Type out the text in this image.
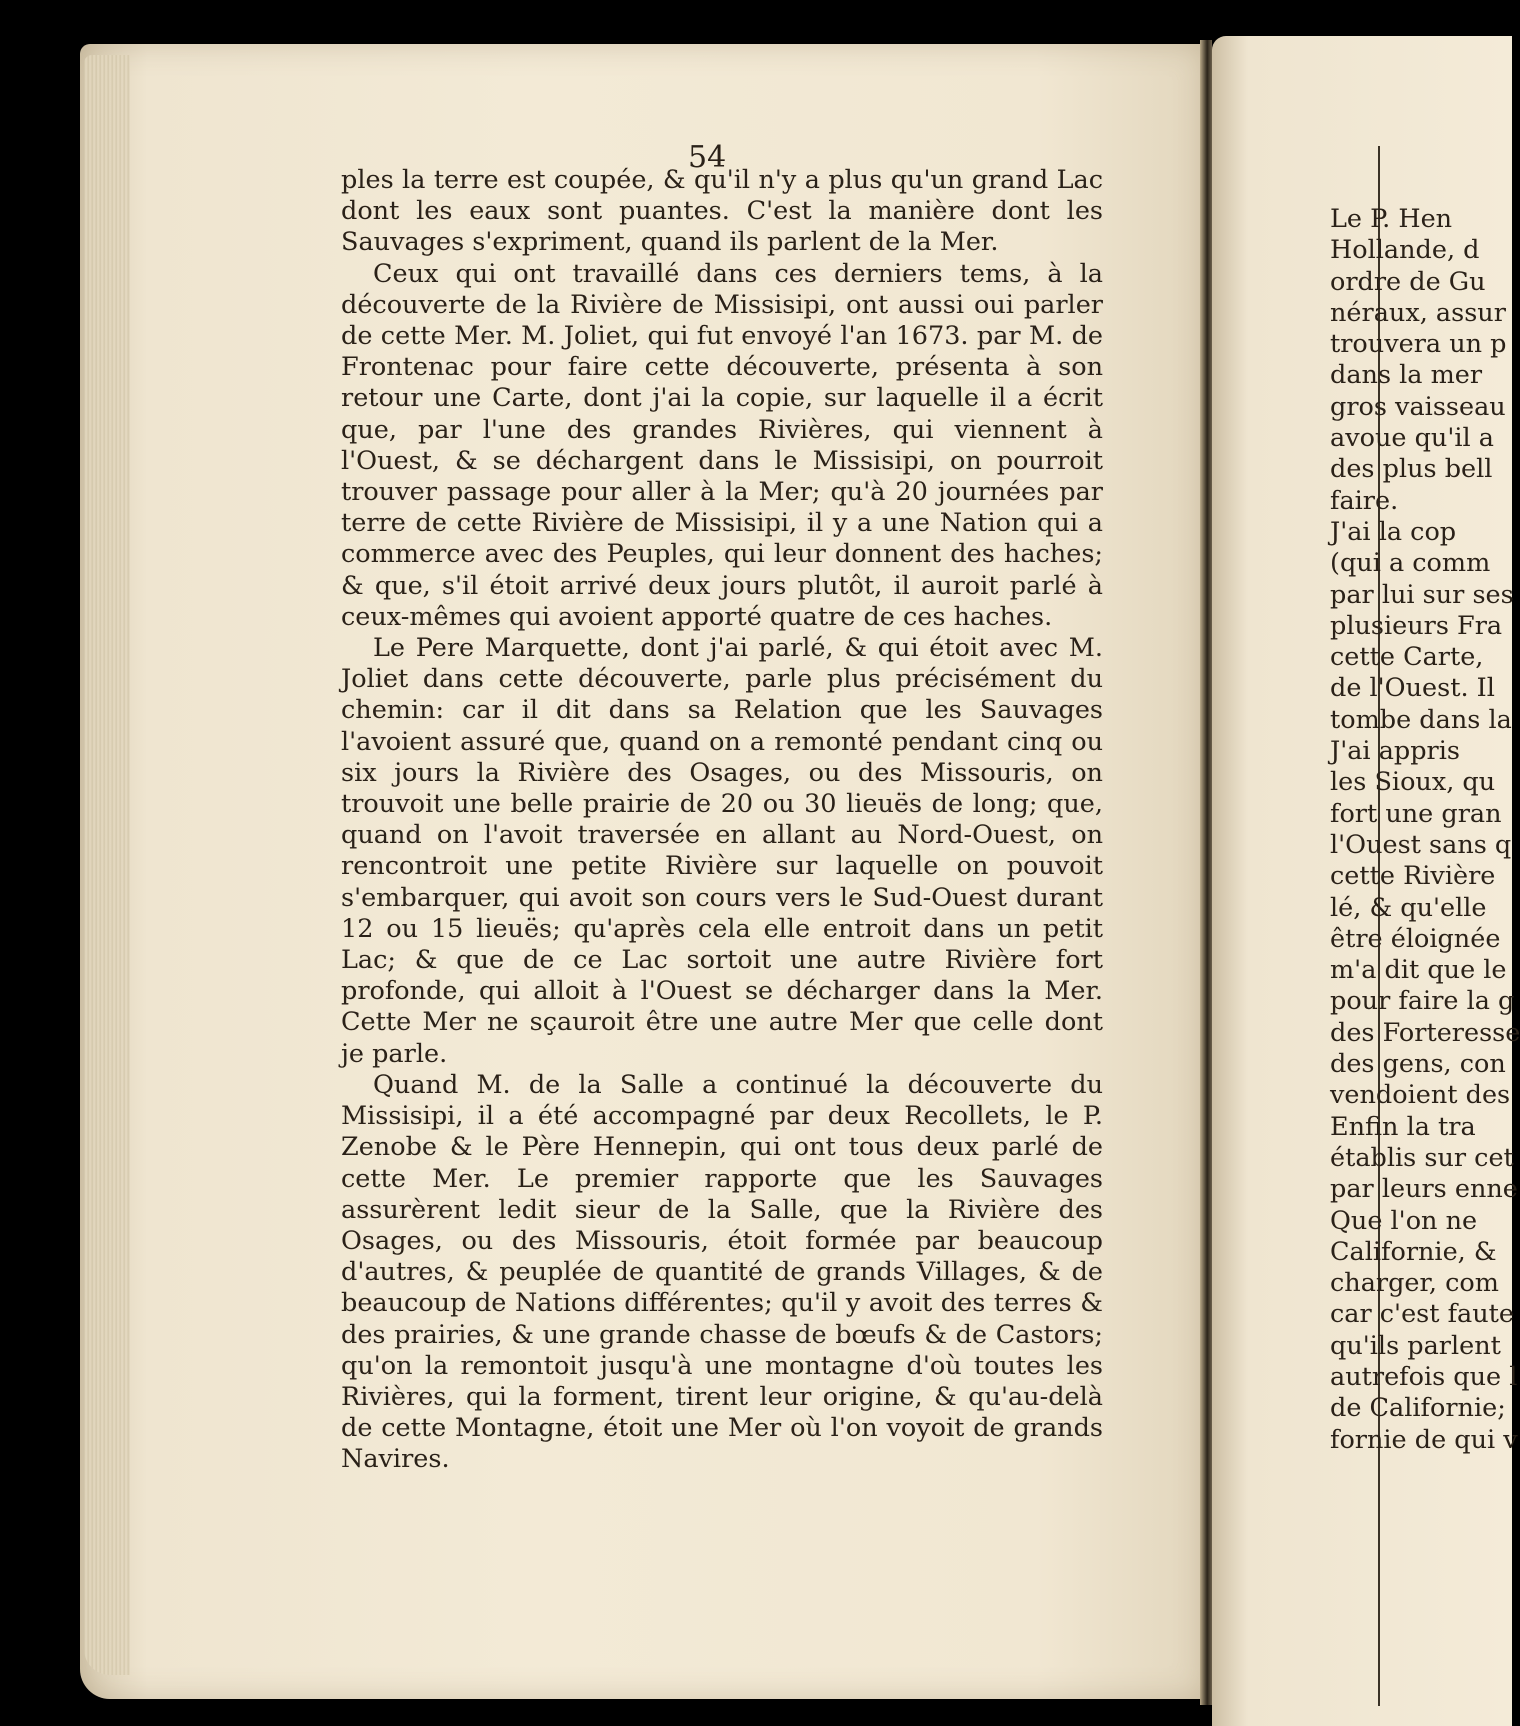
54

ples la terre est coupée, & qu'il n'y a plus qu'un grand Lac dont les eaux sont puantes. C'est la manière dont les Sauvages s'expriment, quand ils parlent de la Mer.

Ceux qui ont travaillé dans ces derniers tems, à la découverte de la Rivière de Missisipi, ont aussi oui parler de cette Mer. M. Joliet, qui fut envoyé l'an 1673. par M. de Frontenac pour faire cette découverte, présenta à son retour une Carte, dont j'ai la copie, sur laquelle il a écrit que, par l'une des grandes Rivières, qui viennent à l'Ouest, & se déchargent dans le Missisipi, on pourroit trouver passage pour aller à la Mer; qu'à 20 journées par terre de cette Rivière de Missisipi, il y a une Nation qui a commerce avec des Peuples, qui leur donnent des haches; & que, s'il étoit arrivé deux jours plutôt, il auroit parlé à ceux-mêmes qui avoient apporté quatre de ces haches.

Le Pere Marquette, dont j'ai parlé, & qui étoit avec M. Joliet dans cette découverte, parle plus précisément du chemin: car il dit dans sa Relation que les Sauvages l'avoient assuré que, quand on a remonté pendant cinq ou six jours la Rivière des Osages, ou des Missouris, on trouvoit une belle prairie de 20 ou 30 lieuës de long; que, quand on l'avoit traversée en allant au Nord-Ouest, on rencontroit une petite Rivière sur laquelle on pouvoit s'embarquer, qui avoit son cours vers le Sud-Ouest durant 12 ou 15 lieuës; qu'après cela elle entroit dans un petit Lac; & que de ce Lac sortoit une autre Rivière fort profonde, qui alloit à l'Ouest se décharger dans la Mer. Cette Mer ne sçauroit être une autre Mer que celle dont je parle.

Quand M. de la Salle a continué la découverte du Missisipi, il a été accompagné par deux Recollets, le P. Zenobe & le Père Hennepin, qui ont tous deux parlé de cette Mer. Le premier rapporte que les Sauvages assurèrent ledit sieur de la Salle, que la Rivière des Osages, ou des Missouris, étoit formée par beaucoup d'autres, & peuplée de quantité de grands Villages, & de beaucoup de Nations différentes; qu'il y avoit des terres & des prairies, & une grande chasse de bœufs & de Castors; qu'on la remontoit jusqu'à une montagne d'où toutes les Rivières, qui la forment, tirent leur origine, & qu'au-delà de cette Montagne, étoit une Mer où l'on voyoit de grands Navires.

Le P. Hen
Hollande, d
ordre de Gu
néraux, assur
trouvera un p
dans la mer
gros vaisseau
avoue qu'il a
des plus bell
faire.
J'ai la cop
(qui a comm
par lui sur ses
plusieurs Fra
cette Carte,
de l'Ouest. Il
tombe dans la
J'ai appris
les Sioux, qu
fort une gran
l'Ouest sans q
cette Rivière
lé, & qu'elle
être éloignée
m'a dit que le
pour faire la g
des Forteresse
des gens, con
vendoient des
Enfin la tra
établis sur cet
par leurs enne
Que l'on ne
Californie, &
charger, com
car c'est faute
qu'ils parlent
autrefois que l
de Californie;
fornie de qui v
